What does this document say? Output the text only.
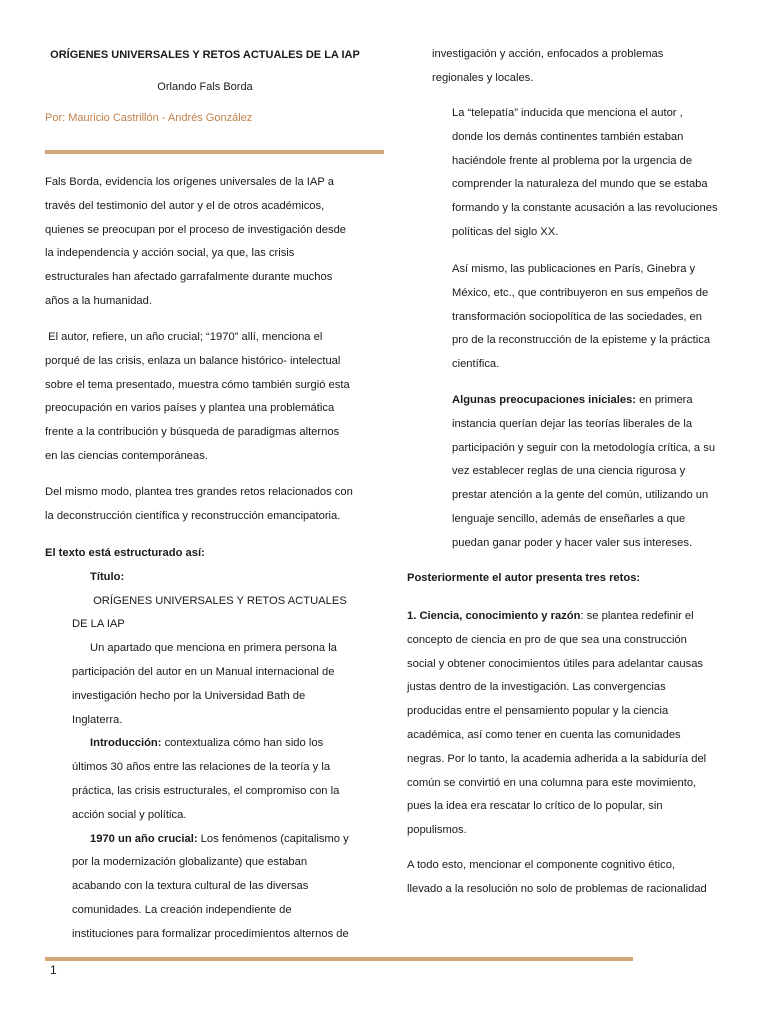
ORÍGENES UNIVERSALES Y RETOS ACTUALES DE LA IAP
Orlando Fals Borda
Por: Mauricio Castrillón - Andrés González
Fals Borda, evidencia los orígenes universales de la IAP a
través del testimonio del autor y el de otros académicos,
quienes se preocupan por el proceso de investigación desde
la independencia y acción social, ya que, las crisis
estructurales han afectado garrafalmente durante muchos
años a la humanidad.
El autor, refiere, un año crucial; “1970” allí, menciona el
porqué de las crisis, enlaza un balance histórico- intelectual
sobre el tema presentado, muestra cómo también surgió esta
preocupación en varios países y plantea una problemática
frente a la contribución y búsqueda de paradigmas alternos
en las ciencias contemporáneas.
Del mismo modo, plantea tres grandes retos relacionados con
la deconstrucción científica y reconstrucción emancipatoria.
El texto está estructurado así:
Título: ORÍGENES UNIVERSALES Y RETOS ACTUALES
DE LA IAP
Un apartado que menciona en primera persona la
participación del autor en un Manual internacional de
investigación hecho por la Universidad Bath de
Inglaterra.
Introducción: contextualiza cómo han sido los
últimos 30 años entre las relaciones de la teoría y la
práctica, las crisis estructurales, el compromiso con la
acción social y política.
1970 un año crucial: Los fenómenos (capitalismo y
por la modernización globalizante) que estaban
acabando con la textura cultural de las diversas
comunidades. La creación independiente de
instituciones para formalizar procedimientos alternos de
investigación y acción, enfocados a problemas
regionales y locales.
La “telepatía” inducida que menciona el autor ,
donde los demás continentes también estaban
haciéndole frente al problema por la urgencia de
comprender la naturaleza del mundo que se estaba
formando y la constante acusación a las revoluciones
políticas del siglo XX.
Así mismo, las publicaciones en París, Ginebra y
México, etc., que contribuyeron en sus empeños de
transformación sociopolítica de las sociedades, en
pro de la reconstrucción de la episteme y la práctica
científica.
Algunas preocupaciones iniciales: en primera
instancia querían dejar las teorías liberales de la
participación y seguir con la metodología crítica, a su
vez establecer reglas de una ciencia rigurosa y
prestar atención a la gente del común, utilizando un
lenguaje sencillo, además de enseñarles a que
puedan ganar poder y hacer valer sus intereses.
Posteriormente el autor presenta tres retos:
1. Ciencia, conocimiento y razón: se plantea redefinir el
concepto de ciencia en pro de que sea una construcción
social y obtener conocimientos útiles para adelantar causas
justas dentro de la investigación. Las convergencias
producidas entre el pensamiento popular y la ciencia
académica, así como tener en cuenta las comunidades
negras. Por lo tanto, la academia adherida a la sabiduría del
común se convirtió en una columna para este movimiento,
pues la idea era rescatar lo crítico de lo popular, sin
populismos.
A todo esto, mencionar el componente cognitivo ético,
llevado a la resolución no solo de problemas de racionalidad
1
